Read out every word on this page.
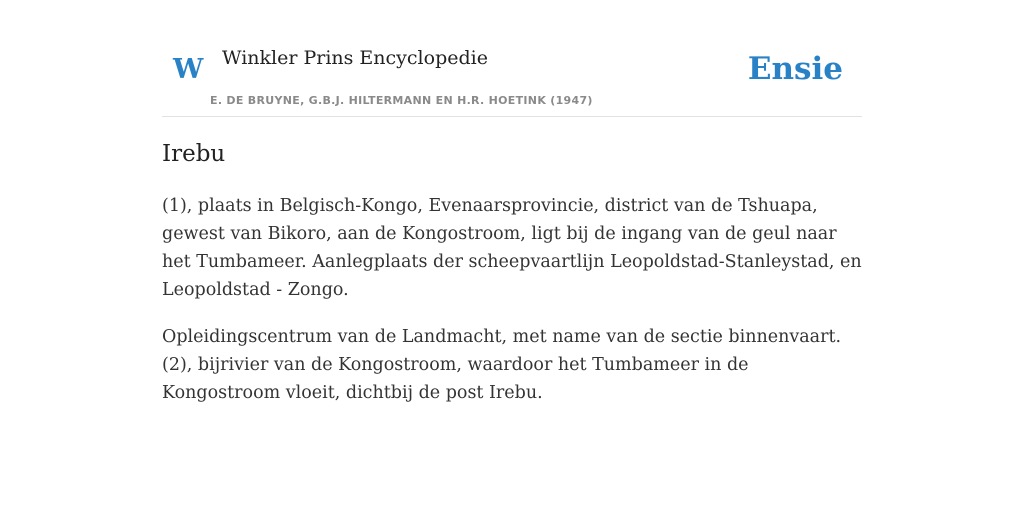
W Winkler Prins Encyclopedie
E. DE BRUYNE, G.B.J. HILTERMANN EN H.R. HOETINK (1947)
Ensie
Irebu

(1), plaats in Belgisch-Kongo, Evenaarsprovincie, district van de Tshuapa, gewest van Bikoro, aan de Kongostroom, ligt bij de ingang van de geul naar het Tumbameer. Aanlegplaats der scheepvaartlijn Leopoldstad-Stanleystad, en Leopoldstad - Zongo.

Opleidingscentrum van de Landmacht, met name van de sectie binnenvaart.(2), bijrivier van de Kongostroom, waardoor het Tumbameer in de Kongostroom vloeit, dichtbij de post Irebu.
